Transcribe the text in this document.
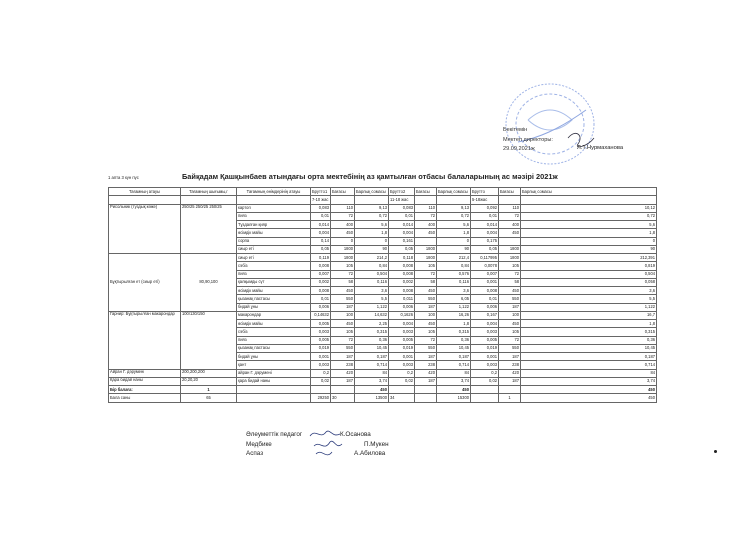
Бекітемін
Мектеп директоры:
29.09.2021ж	Л.Т.Нурмаханова
1 апта 3 күн пүс	Байқадам Қашқынбаев атындағы орта мектебінің аз қамтылған отбасы балаларының ас мәзірі 2021ж
Тағамның атауы	Тағамның шығымы,г	Тағамның өнімдерінің атауы	Брутто1	Бағасы	Барлық сомасы	Брутто2	Бағасы	Барлық сомасы	Брутто	Бағасы	Барлық сомасы
			7-10 жас			11-18 жас			5-18жас		
Рисольник (туздық көже)	250/25 250/25 250/25	картоп	0,083	110	9,13	0,083	110	9,13	0,092	110	10,12
		пияз	0,01	72	0,72	0,01	72	0,72	0,01	72	0,72
		Тұздалған қияр	0,014	400	5,6	0,014	400	5,6	0,014	400	5,6
		өсімдік майы	0,004	450	1,8	0,004	450	1,8	0,004	450	1,8
		сорпа	0,14	0	0	0,161		0	0,175		0
		сиыр еті	0,05	1800	90	0,05	1800	90	0,05	1800	90
Бұқтырылған ет (сиыр еті)	80,90,100	сиыр еті	0,119	1800	214,2	0,118	1800	212,4	0,117995	1800	212,391
		сәбіз	0,008	105	0,84	0,008	105	0,84	0,0078	105	0,819
		пияз	0,007	72	0,504	0,008	72	0,576	0,007	72	0,504
		қалқымды сүт	0,002	58	0,116	0,002	58	0,116	0,001	58	0,058
		өсімдік майы	0,008	450	3,6	0,008	450	3,6	0,008	450	3,6
		қызанақ пастасы	0,01	550	5,5	0,011	550	6,05	0,01	550	5,5
		бидай ұны	0,006	187	1,122	0,006	187	1,122	0,006	187	1,122
Гарнир: Бұқтырылған макарондар	100/130/150	макарондар	0,14632	100	14,632	0,1626	100	16,26	0,167	100	16,7
		өсімдік майы	0,005	450	2,25	0,004	450	1,8	0,004	450	1,8
		сәбіз	0,003	105	0,315	0,003	105	0,315	0,003	105	0,315
		пияз	0,005	72	0,36	0,005	72	0,36	0,005	72	0,36
		қызанақ пастасы	0,019	550	10,45	0,019	550	10,45	0,019	550	10,45
		бидай ұны	0,001	187	0,187	0,001	187	0,187	0,001	187	0,187
		қант	0,003	238	0,714	0,003	238	0,714	0,003	238	0,714
Айран Г. дәрумені	200,200,200	айран Г. дәрумені	0,2	420	84	0,2	420	84	0,2	420	84
Қара бидай наны	20,20,20	қара бидай наны	0,02	187	3,74	0,02	187	3,74	0,02	187	3,74
Бір балаға:	1				450			450			450
Бала саны	65		29250	30	13500	34		15300		1	450
Әлеуметтік педагог
Медбике
Аспаз
К.Осанова
П.Мукен
А.Абилова
